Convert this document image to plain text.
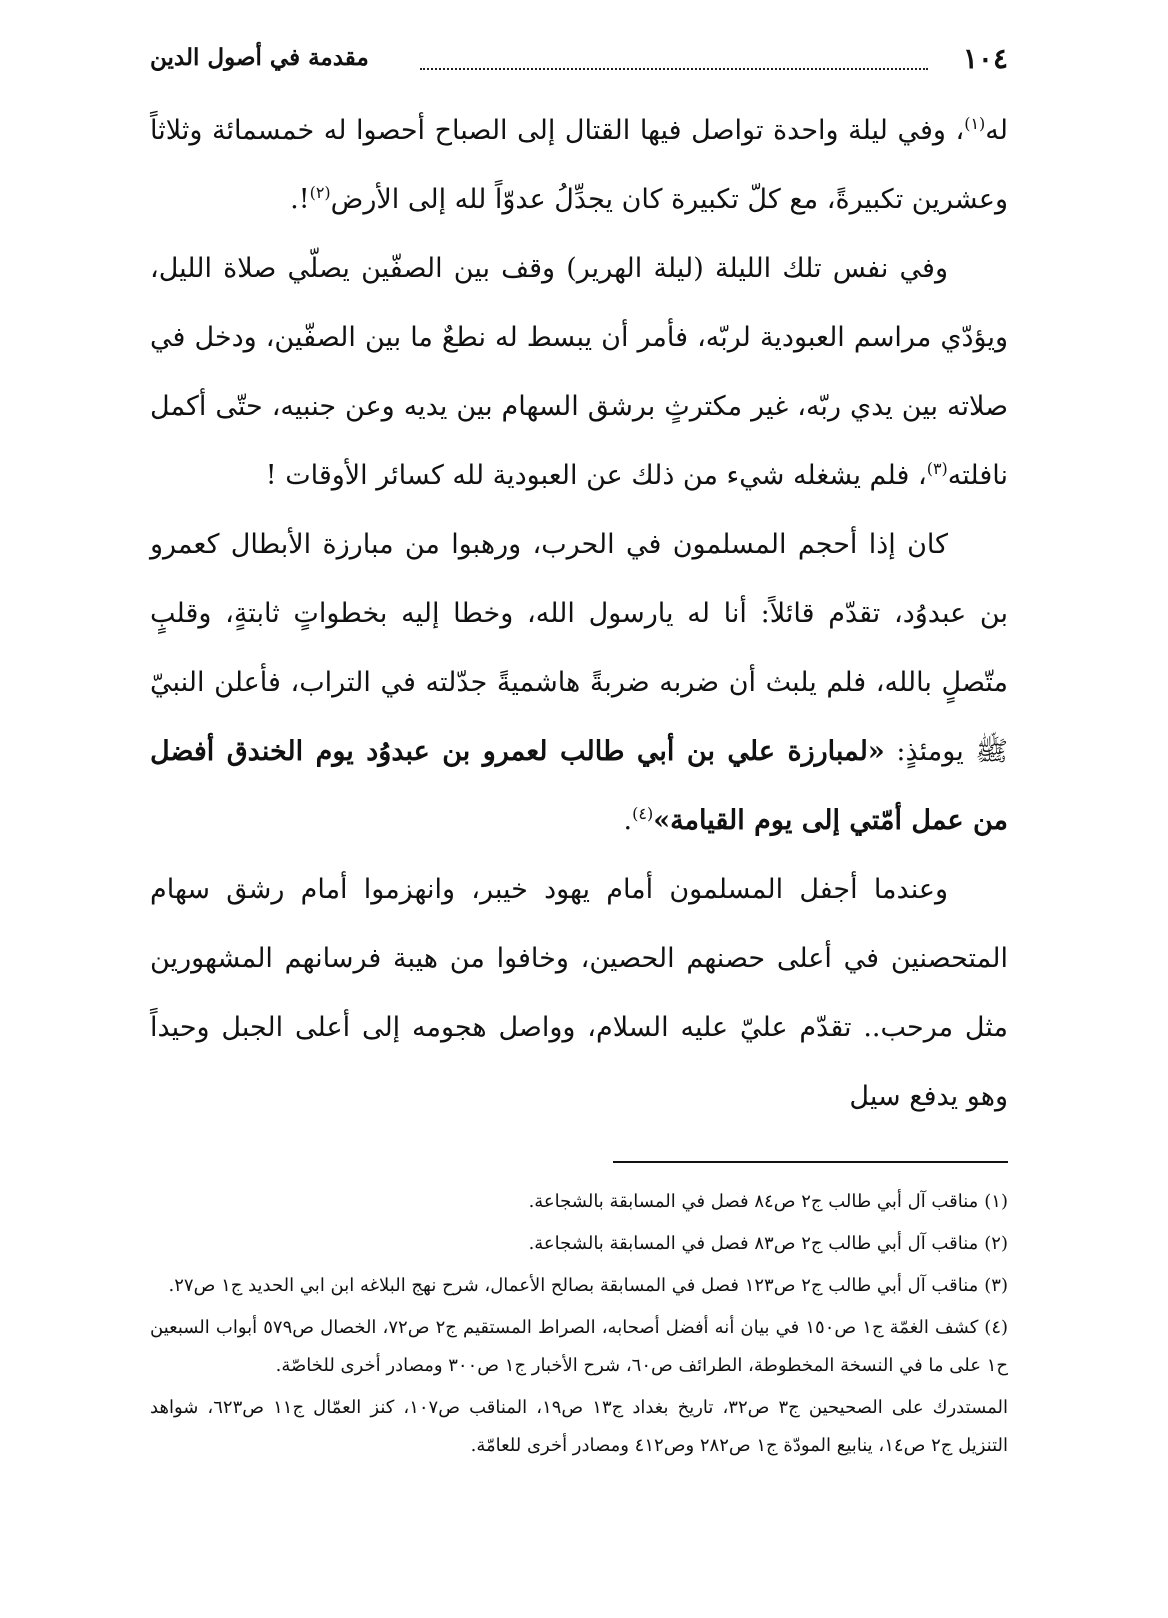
١٠٤
مقدمة في أصول الدين

له$^{(١)}$، وفي ليلة واحدة تواصل فيها القتال إلى الصباح أحصوا له خمسمائة وثلاثاً وعشرين تكبيرةً، مع كلّ تكبيرة كان يجدِّلُ عدوّاً لله إلى الأرض$^{(٢)}$!.

وفي نفس تلك الليلة (ليلة الهرير) وقف بين الصفّين يصلّي صلاة الليل، ويؤدّي مراسم العبودية لربّه، فأمر أن يبسط له نطعٌ ما بين الصفّين، ودخل في صلاته بين يدي ربّه، غير مكترثٍ برشق السهام بين يديه وعن جنبيه، حتّى أكمل نافلته$^{(٣)}$، فلم يشغله شيء من ذلك عن العبودية لله كسائر الأوقات !

كان إذا أحجم المسلمون في الحرب، ورهبوا من مبارزة الأبطال كعمرو بن عبدوُد، تقدّم قائلاً: أنا له يارسول الله، وخطا إليه بخطواتٍ ثابتةٍ، وقلبٍ متّصلٍ بالله، فلم يلبث أن ضربه ضربةً هاشميةً جدّلته في التراب، فأعلن النبيّ ﷺ يومئذٍ: «لمبارزة علي بن أبي طالب لعمرو بن عبدوُد يوم الخندق أفضل من عمل أمّتي إلى يوم القيامة»$^{(٤)}$.

وعندما أجفل المسلمون أمام يهود خيبر، وانهزموا أمام رشق سهام المتحصنين في أعلى حصنهم الحصين، وخافوا من هيبة فرسانهم المشهورين مثل مرحب.. تقدّم عليّ عليه السلام، وواصل هجومه إلى أعلى الجبل وحيداً وهو يدفع سيل

(١)مناقب آل أبي طالب ج٢ ص٨٤ فصل في المسابقة بالشجاعة.

(٢)مناقب آل أبي طالب ج٢ ص٨٣ فصل في المسابقة بالشجاعة.

(٣)مناقب آل أبي طالب ج٢ ص١٢٣ فصل في المسابقة بصالح الأعمال، شرح نهج البلاغه ابن ابي الحديد ج١ ص٢٧.

(٤)كشف الغمّة ج١ ص١٥٠ في بيان أنه أفضل أصحابه، الصراط المستقيم ج٢ ص٧٢، الخصال ص٥٧٩ أبواب السبعين ح١ على ما في النسخة المخطوطة، الطرائف ص٦٠، شرح الأخبار ج١ ص٣٠٠ ومصادر أخرى للخاصّة.

المستدرك على الصحيحين ج٣ ص٣٢، تاريخ بغداد ج١٣ ص١٩، المناقب ص١٠٧، كنز العمّال ج١١ ص٦٢٣، شواهد التنزيل ج٢ ص١٤، ينابيع المودّة ج١ ص٢٨٢ وص٤١٢ ومصادر أخرى للعامّة.
